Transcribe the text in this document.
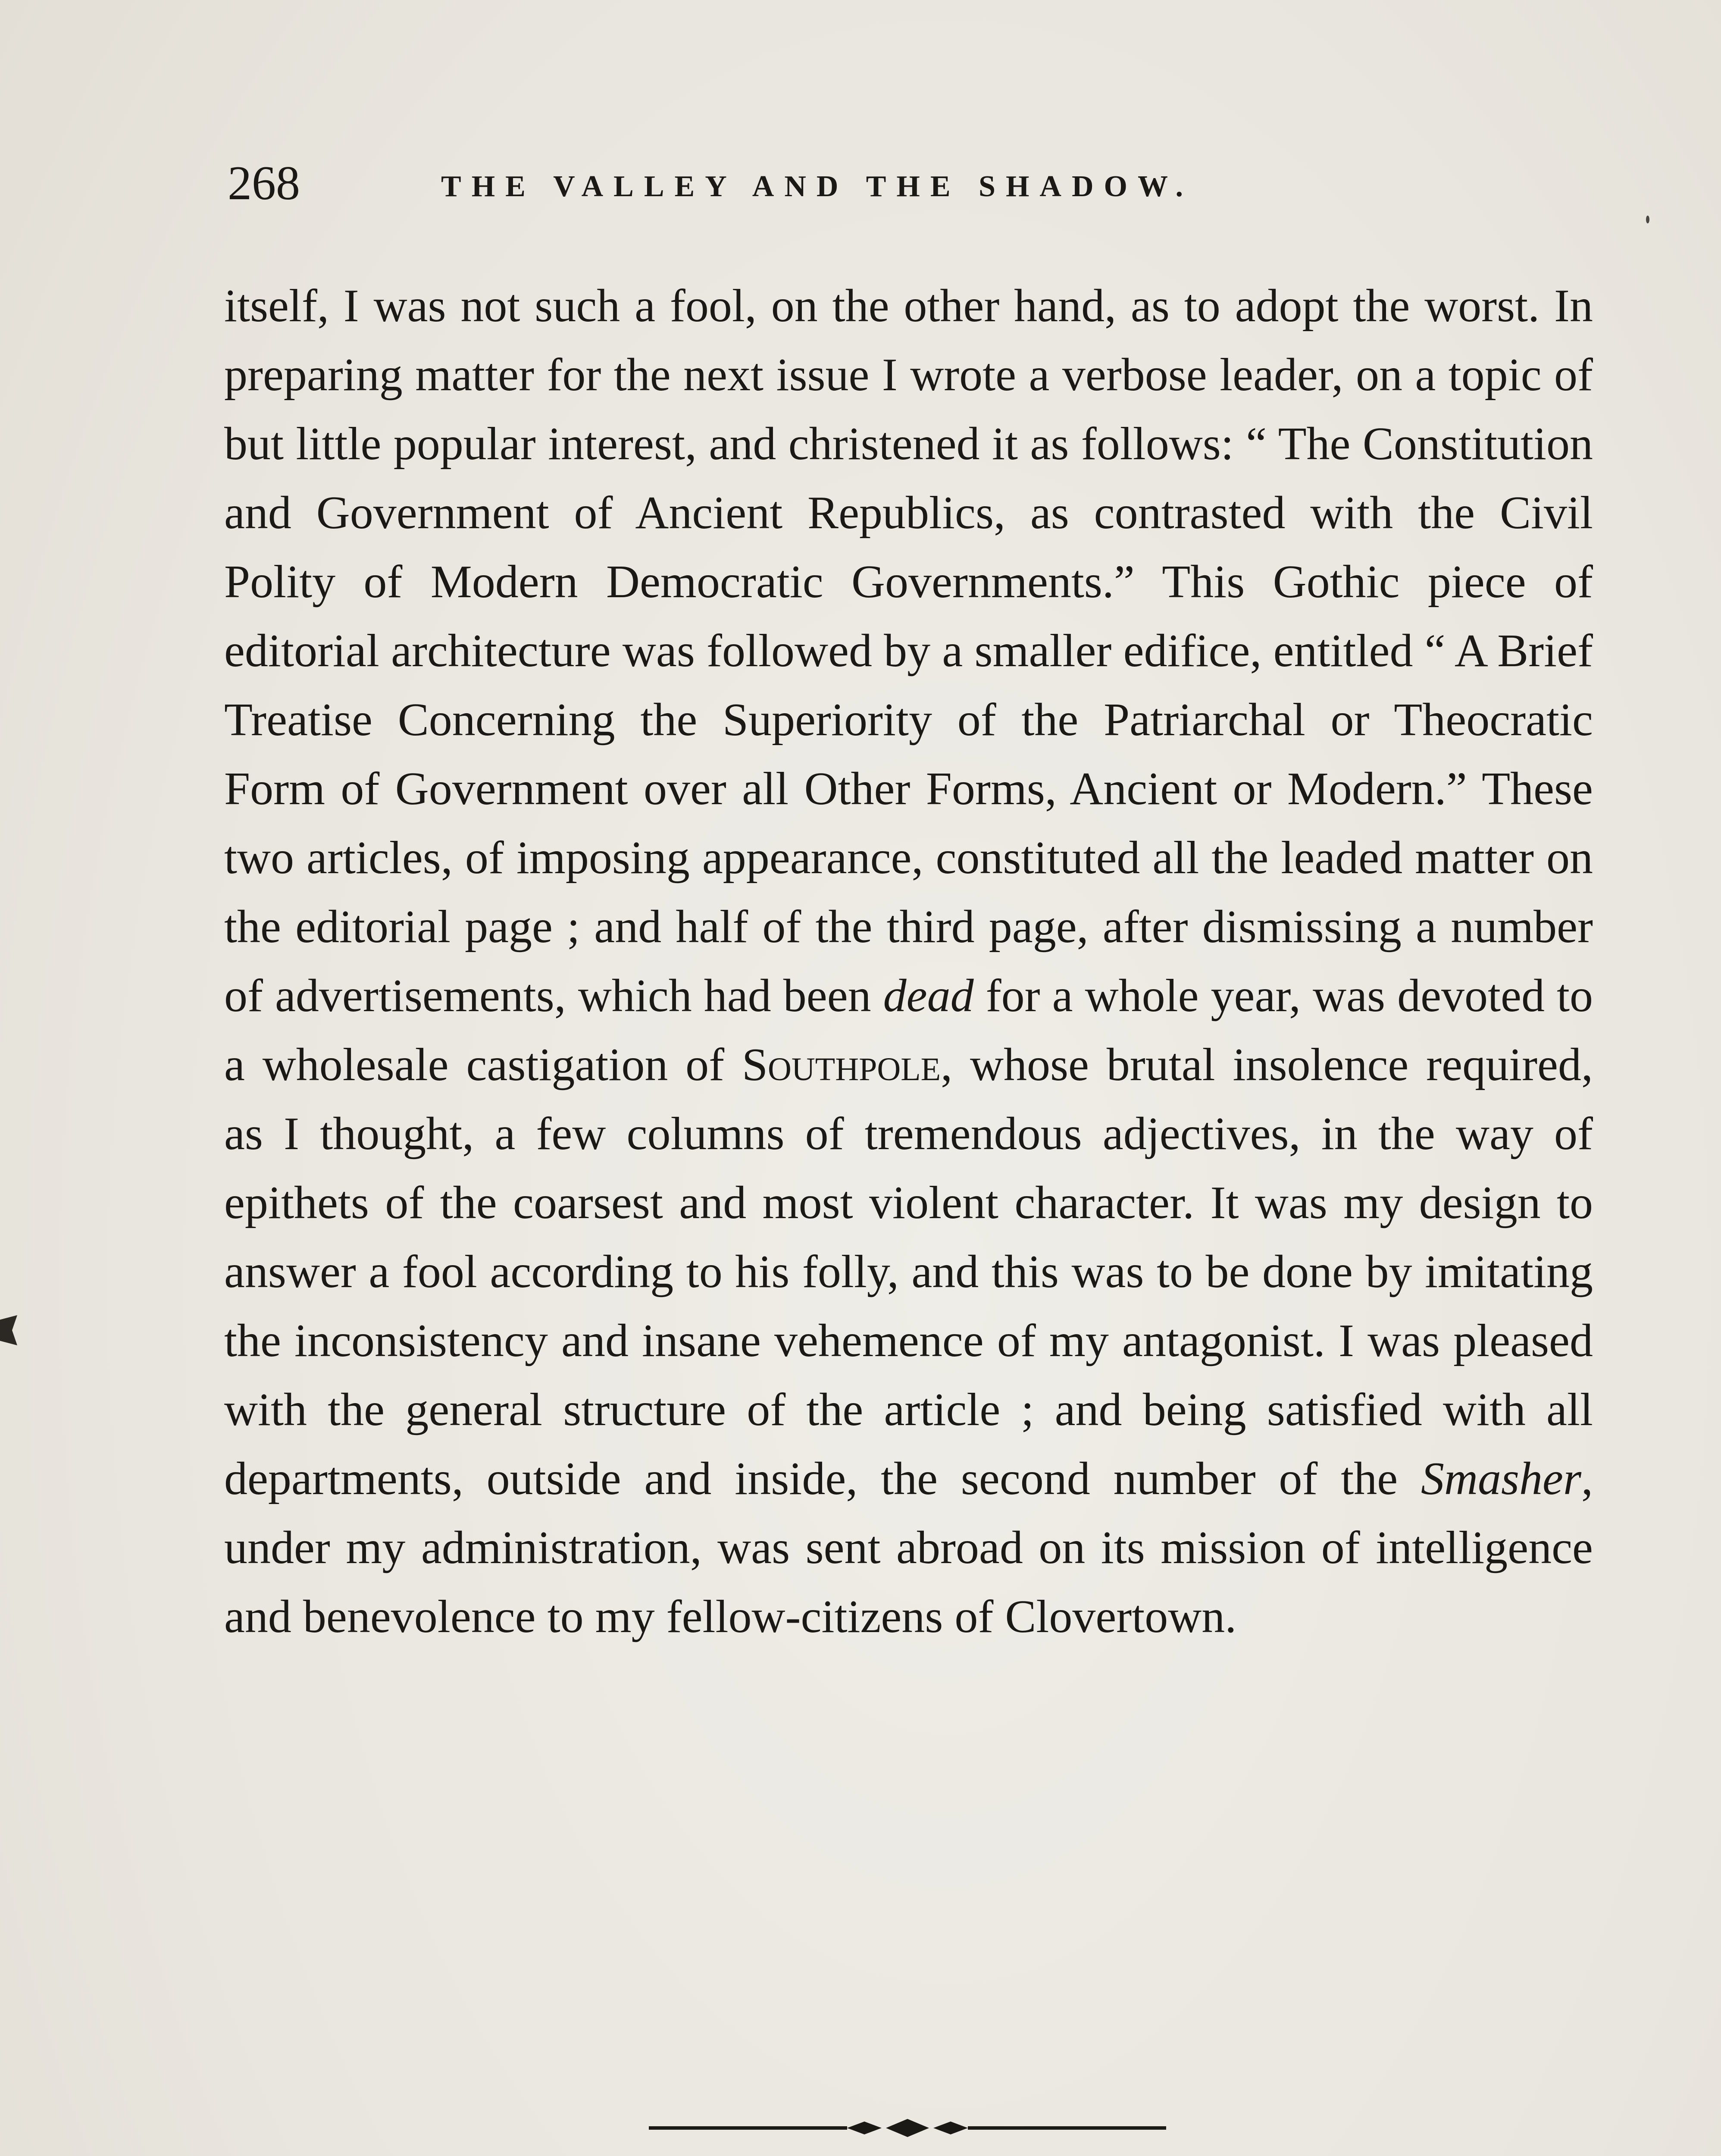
268	THE VALLEY AND THE SHADOW.

itself, I was not such a fool, on the other hand, as to adopt the worst. In preparing matter for the next issue I wrote a verbose leader, on a topic of but little popular interest, and christened it as follows: “ The Constitution and Government of Ancient Republics, as contrasted with the Civil Polity of Modern Democratic Governments.” This Gothic piece of editorial architecture was followed by a smaller edifice, entitled “ A Brief Treatise Concerning the Superiority of the Patriarchal or Theocratic Form of Government over all Other Forms, Ancient or Modern.” These two articles, of imposing appearance, constituted all the leaded matter on the editorial page ; and half of the third page, after dismissing a number of advertisements, which had been dead for a whole year, was devoted to a wholesale castigation of Southpole, whose brutal insolence required, as I thought, a few columns of tremendous adjectives, in the way of epithets of the coarsest and most violent character. It was my design to answer a fool according to his folly, and this was to be done by imitating the inconsistency and insane vehemence of my antagonist. I was pleased with the general structure of the article ; and being satisfied with all departments, outside and inside, the second number of the Smasher, under my administration, was sent abroad on its mission of intelligence and benevolence to my fellow-citizens of Clovertown.
